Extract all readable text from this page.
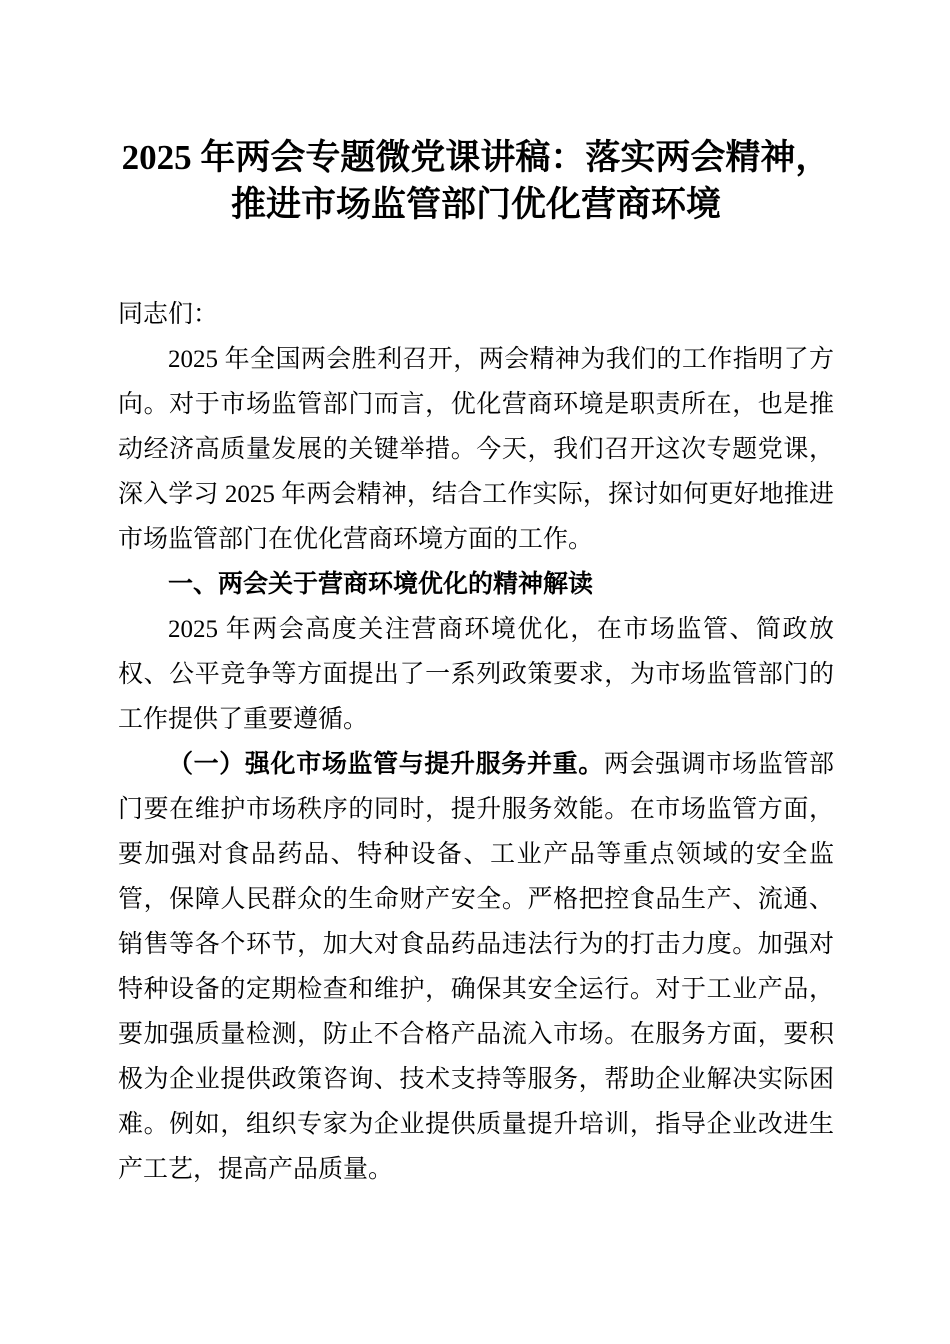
2025 年两会专题微党课讲稿：落实两会精神，
推进市场监管部门优化营商环境

同志们：

2025 年全国两会胜利召开，两会精神为我们的工作指明了方向。对于市场监管部门而言，优化营商环境是职责所在，也是推动经济高质量发展的关键举措。今天，我们召开这次专题党课，深入学习 2025 年两会精神，结合工作实际，探讨如何更好地推进市场监管部门在优化营商环境方面的工作。

一、两会关于营商环境优化的精神解读

2025 年两会高度关注营商环境优化，在市场监管、简政放权、公平竞争等方面提出了一系列政策要求，为市场监管部门的工作提供了重要遵循。

（一）强化市场监管与提升服务并重。两会强调市场监管部门要在维护市场秩序的同时，提升服务效能。在市场监管方面，要加强对食品药品、特种设备、工业产品等重点领域的安全监管，保障人民群众的生命财产安全。严格把控食品生产、流通、销售等各个环节，加大对食品药品违法行为的打击力度。加强对特种设备的定期检查和维护，确保其安全运行。对于工业产品，要加强质量检测，防止不合格产品流入市场。在服务方面，要积极为企业提供政策咨询、技术支持等服务，帮助企业解决实际困难。例如，组织专家为企业提供质量提升培训，指导企业改进生产工艺，提高产品质量。
